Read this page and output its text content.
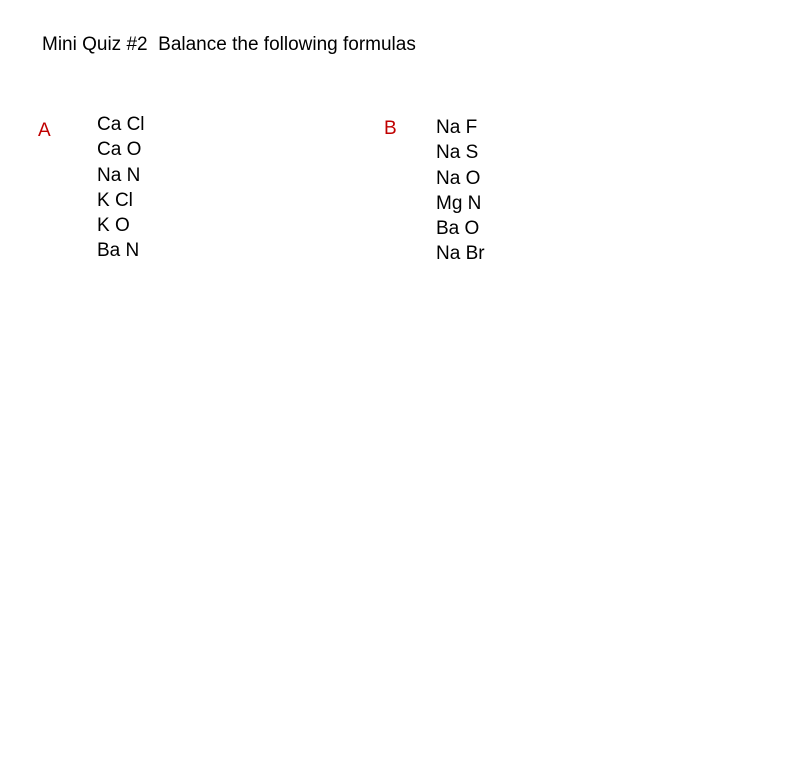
Mini Quiz #2  Balance the following formulas
A Ca Cl
Ca O
Na N
K Cl
K O
Ba N
B Na F
Na S
Na O
Mg N
Ba O
Na Br
